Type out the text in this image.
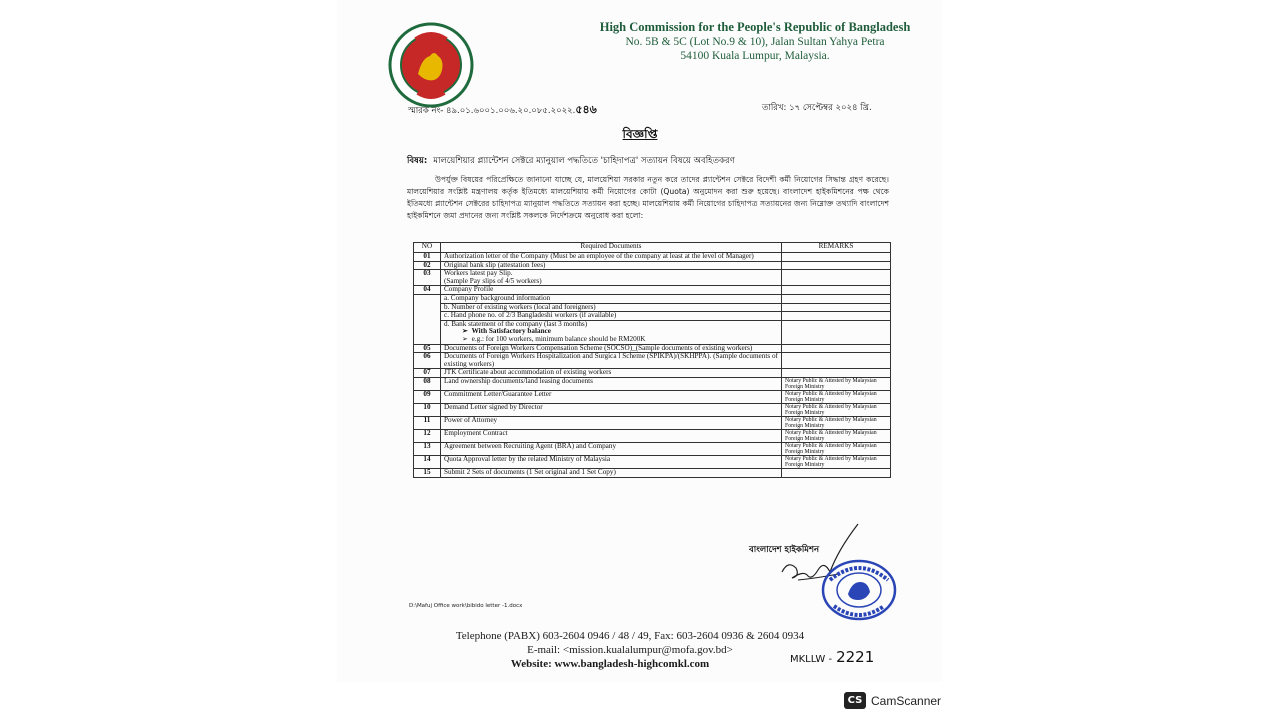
High Commission for the People's Republic of Bangladesh
No. 5B & 5C (Lot No.9 & 10), Jalan Sultan Yahya Petra
54100 Kuala Lumpur, Malaysia.
স্মারক নং- ৪৯.০১.৬০০১.০০৬.২০.০৮৫.২০২২.৫৪৬	তারিখ: ১৭ সেপ্টেম্বর ২০২৪ খ্রি.
বিজ্ঞপ্তি
বিষয়: মালয়েশিয়ার প্ল্যান্টেশন সেক্টরে ম্যানুয়াল পদ্ধতিতে 'চাহিদাপত্র' সত্যায়ন বিষয়ে অবহিতকরণ
উপর্যুক্ত বিষয়ের পরিপ্রেক্ষিতে জানানো যাচ্ছে যে, মালয়েশিয়া সরকার নতুন করে তাদের প্ল্যান্টেশন সেক্টরে বিদেশী কর্মী নিয়োগের সিদ্ধান্ত গ্রহণ করেছে। মালয়েশিয়ার সংশ্লিষ্ট মন্ত্রণালয় কর্তৃক ইতিমধ্যে মালয়েশিয়ায় কর্মী নিয়োগের কোটা (Quota) অনুমোদন করা শুরু হয়েছে। বাংলাদেশ হাইকমিশনের পক্ষ থেকে ইতিমধ্যে প্ল্যান্টেশন সেক্টরের চাহিদাপত্র ম্যানুয়াল পদ্ধতিতে সত্যায়ন করা হচ্ছে। মালয়েশিয়ায় কর্মী নিয়োগের চাহিদাপত্র সত্যায়নের জন্য নিম্নোক্ত তথ্যাদি বাংলাদেশ হাইকমিশনে জমা প্রদানের জন্য সংশ্লিষ্ট সকলকে নির্দেশক্রমে অনুরোধ করা হলো:
NO	Required Documents	REMARKS
01	Authorization letter of the Company (Must be an employee of the company at least at the level of Manager)	
02	Original bank slip (attestation fees)	
03	Workers latest pay Slip.
(Sample Pay slips of 4/5 workers)	
04	Company Profile	
	a. Company background information	
	b. Number of existing workers (local and foreigners)	
	c. Hand phone no. of 2/3 Bangladeshi workers (if available)	
	d. Bank statement of the company (last 3 months)
➢  With Satisfactory balance
➢  e.g.: for 100 workers, minimum balance should be RM200K	

05	Documents of Foreign Workers Compensation Scheme (SOCSO)_(Sample documents of existing workers)	
06	Documents of Foreign Workers Hospitalization and Surgica l Scheme (SPIKPA)/(SKHPPA). (Sample documents of existing workers)	
07	JTK Certificate about accommodation of existing workers	
08	Land ownership documents/land leasing documents	Notary Public & Attested by Malaysian Foreign Ministry
09	Commitment Letter/Guarantee Letter	Notary Public & Attested by Malaysian Foreign Ministry
10	Demand Letter signed by Director	Notary Public & Attested by Malaysian Foreign Ministry
11	Power of Attorney	Notary Public & Attested by Malaysian Foreign Ministry
12	Employment Contract	Notary Public & Attested by Malaysian Foreign Ministry
13	Agreement between Recruiting Agent (BRA) and Company	Notary Public & Attested by Malaysian Foreign Ministry
14	Quota Approval letter by the related Ministry of Malaysia	Notary Public & Attested by Malaysian Foreign Ministry
15	Submit 2 Sets of documents (1 Set original and 1 Set Copy)	
বাংলাদেশ হাইকমিশন
D:\Mafuj Office work\bibido letter -1.docx
Telephone (PABX) 603-2604 0946 / 48 / 49, Fax: 603-2604 0936 & 2604 0934
E-mail: <mission.kualalumpur@mofa.gov.bd>
Website: www.bangladesh-highcomkl.com	MKLLW - 2221
CS CamScanner
